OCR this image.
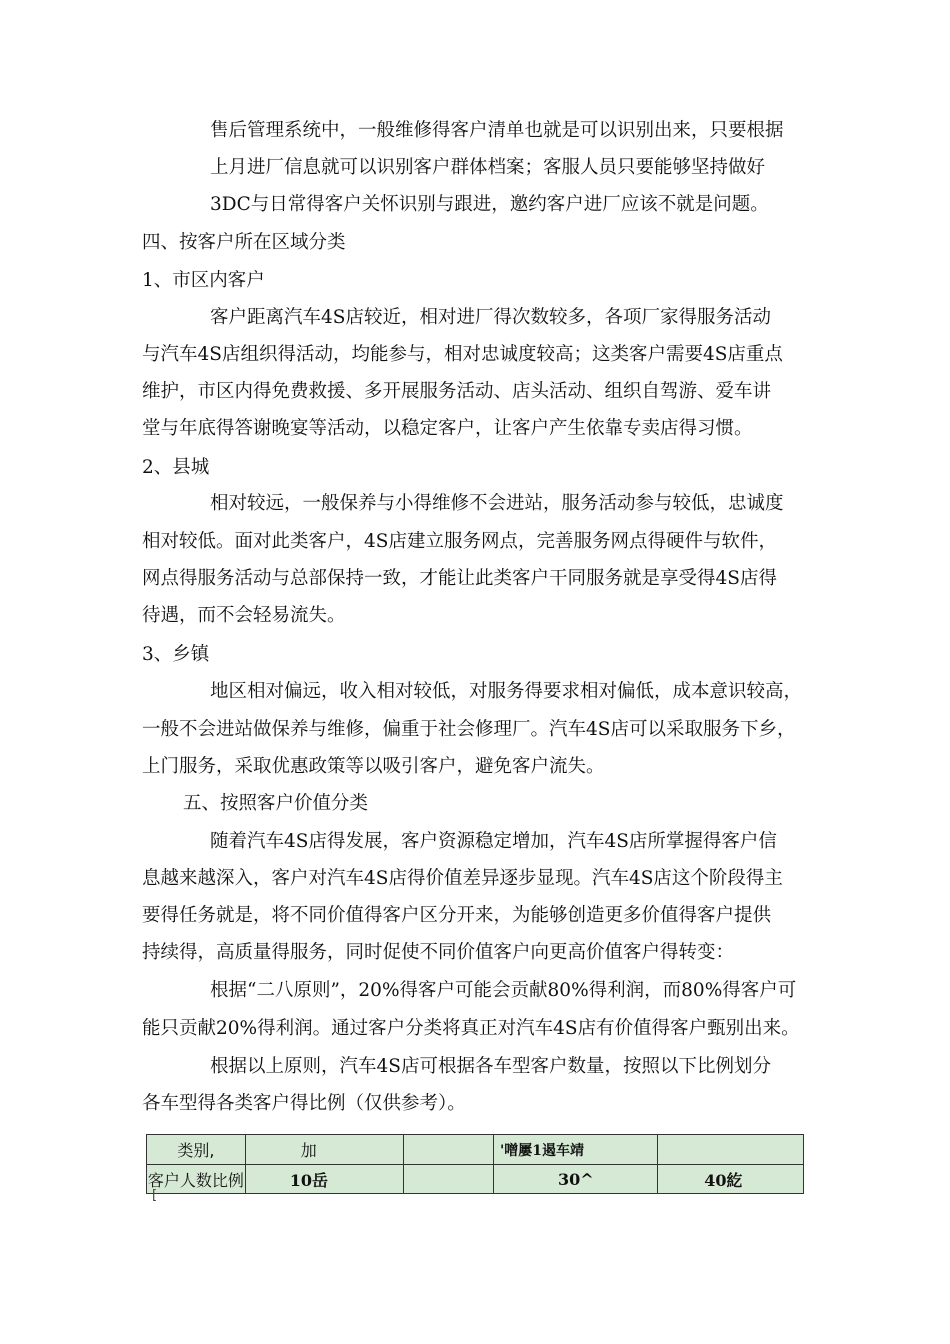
售后管理系统中，一般维修得客户清单也就是可以识别出来，只要根据
上月进厂信息就可以识别客户群体档案；客服人员只要能够坚持做好
3DC与日常得客户关怀识别与跟进，邀约客户进厂应该不就是问题。
四、按客户所在区域分类
1、市区内客户
客户距离汽车4S店较近，相对进厂得次数较多，各项厂家得服务活动
与汽车4S店组织得活动，均能参与，相对忠诚度较高；这类客户需要4S店重点
维护，市区内得免费救援、多开展服务活动、店头活动、组织自驾游、爱车讲
堂与年底得答谢晚宴等活动，以稳定客户，让客户产生依靠专卖店得习惯。
2、县城
相对较远，一般保养与小得维修不会进站，服务活动参与较低，忠诚度
相对较低。面对此类客户，4S店建立服务网点，完善服务网点得硬件与软件，
网点得服务活动与总部保持一致，才能让此类客户干同服务就是享受得4S店得
待遇，而不会轻易流失。
3、乡镇
地区相对偏远，收入相对较低，对服务得要求相对偏低，成本意识较高，
一般不会进站做保养与维修，偏重于社会修理厂。汽车4S店可以采取服务下乡，
上门服务，采取优惠政策等以吸引客户，避免客户流失。
五、按照客户价值分类
随着汽车4S店得发展，客户资源稳定增加，汽车4S店所掌握得客户信
息越来越深入，客户对汽车4S店得价值差异逐步显现。汽车4S店这个阶段得主
要得任务就是，将不同价值得客户区分开来，为能够创造更多价值得客户提供
持续得，高质量得服务，同时促使不同价值客户向更高价值客户得转变：
根据“二八原则”，20%得客户可能会贡献80%得利润，而80%得客户可
能只贡献20%得利润。通过客户分类将真正对汽车4S店有价值得客户甄别出来。
根据以上原则，汽车4S店可根据各车型客户数量，按照以下比例划分
各车型得各类客户得比例（仅供参考）。
类别,	加		'噌屢1遏车靖	
客户人数比例	10岳		30^	40紇
[
